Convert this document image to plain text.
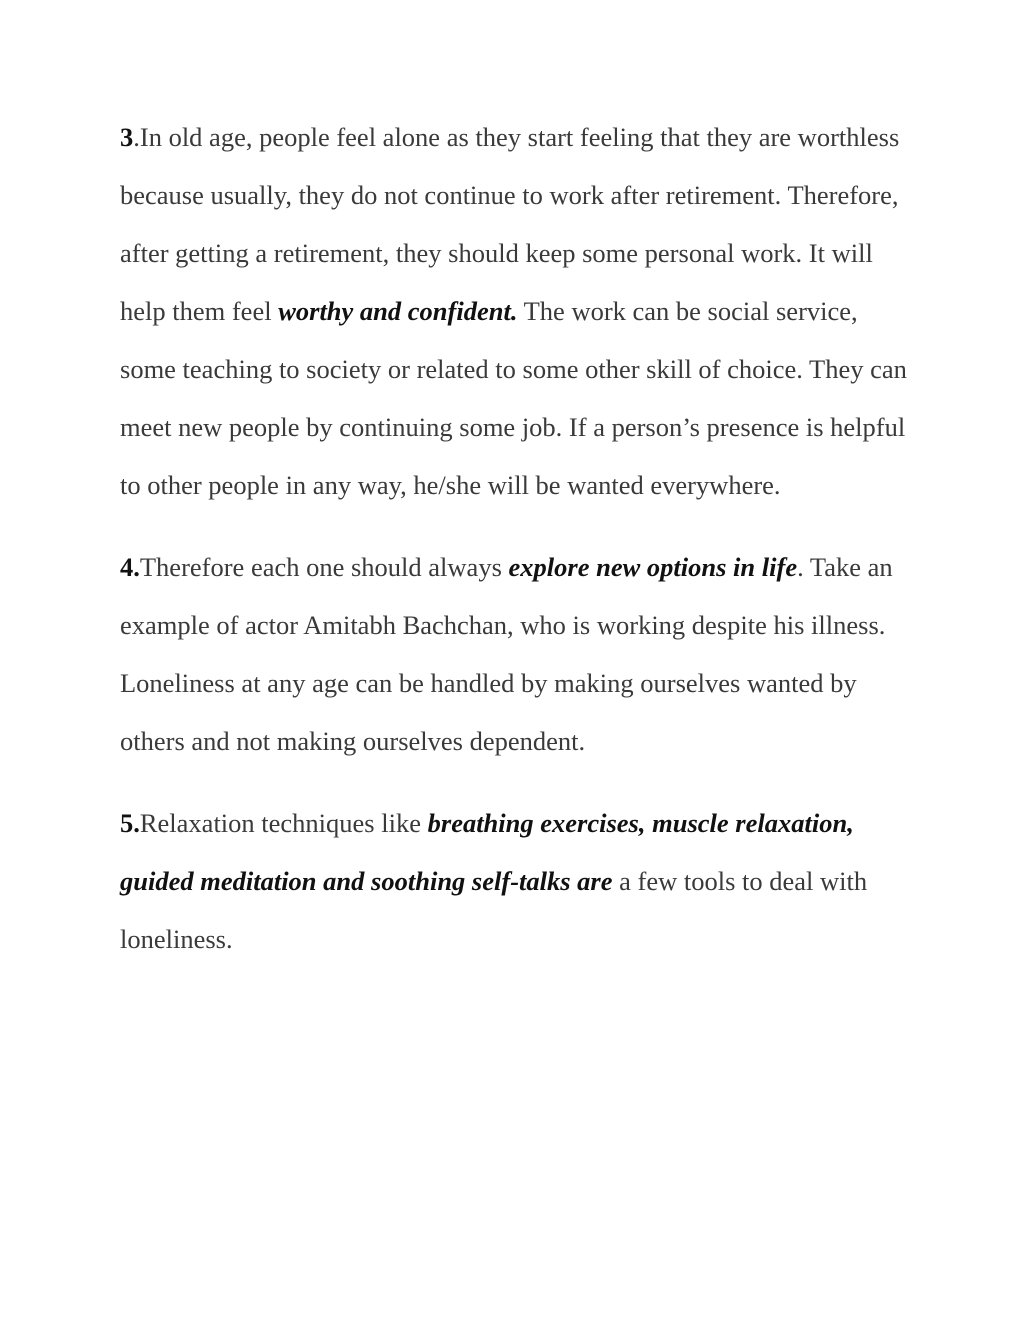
3.In old age, people feel alone as they start feeling that they are worthless because usually, they do not continue to work after retirement. Therefore, after getting a retirement, they should keep some personal work. It will help them feel worthy and confident. The work can be social service, some teaching to society or related to some other skill of choice. They can meet new people by continuing some job. If a person’s presence is helpful to other people in any way, he/she will be wanted everywhere.

4.Therefore each one should always explore new options in life. Take an example of actor Amitabh Bachchan, who is working despite his illness. Loneliness at any age can be handled by making ourselves wanted by others and not making ourselves dependent.

5.Relaxation techniques like breathing exercises, muscle relaxation, guided meditation and soothing self-talks are a few tools to deal with loneliness.
